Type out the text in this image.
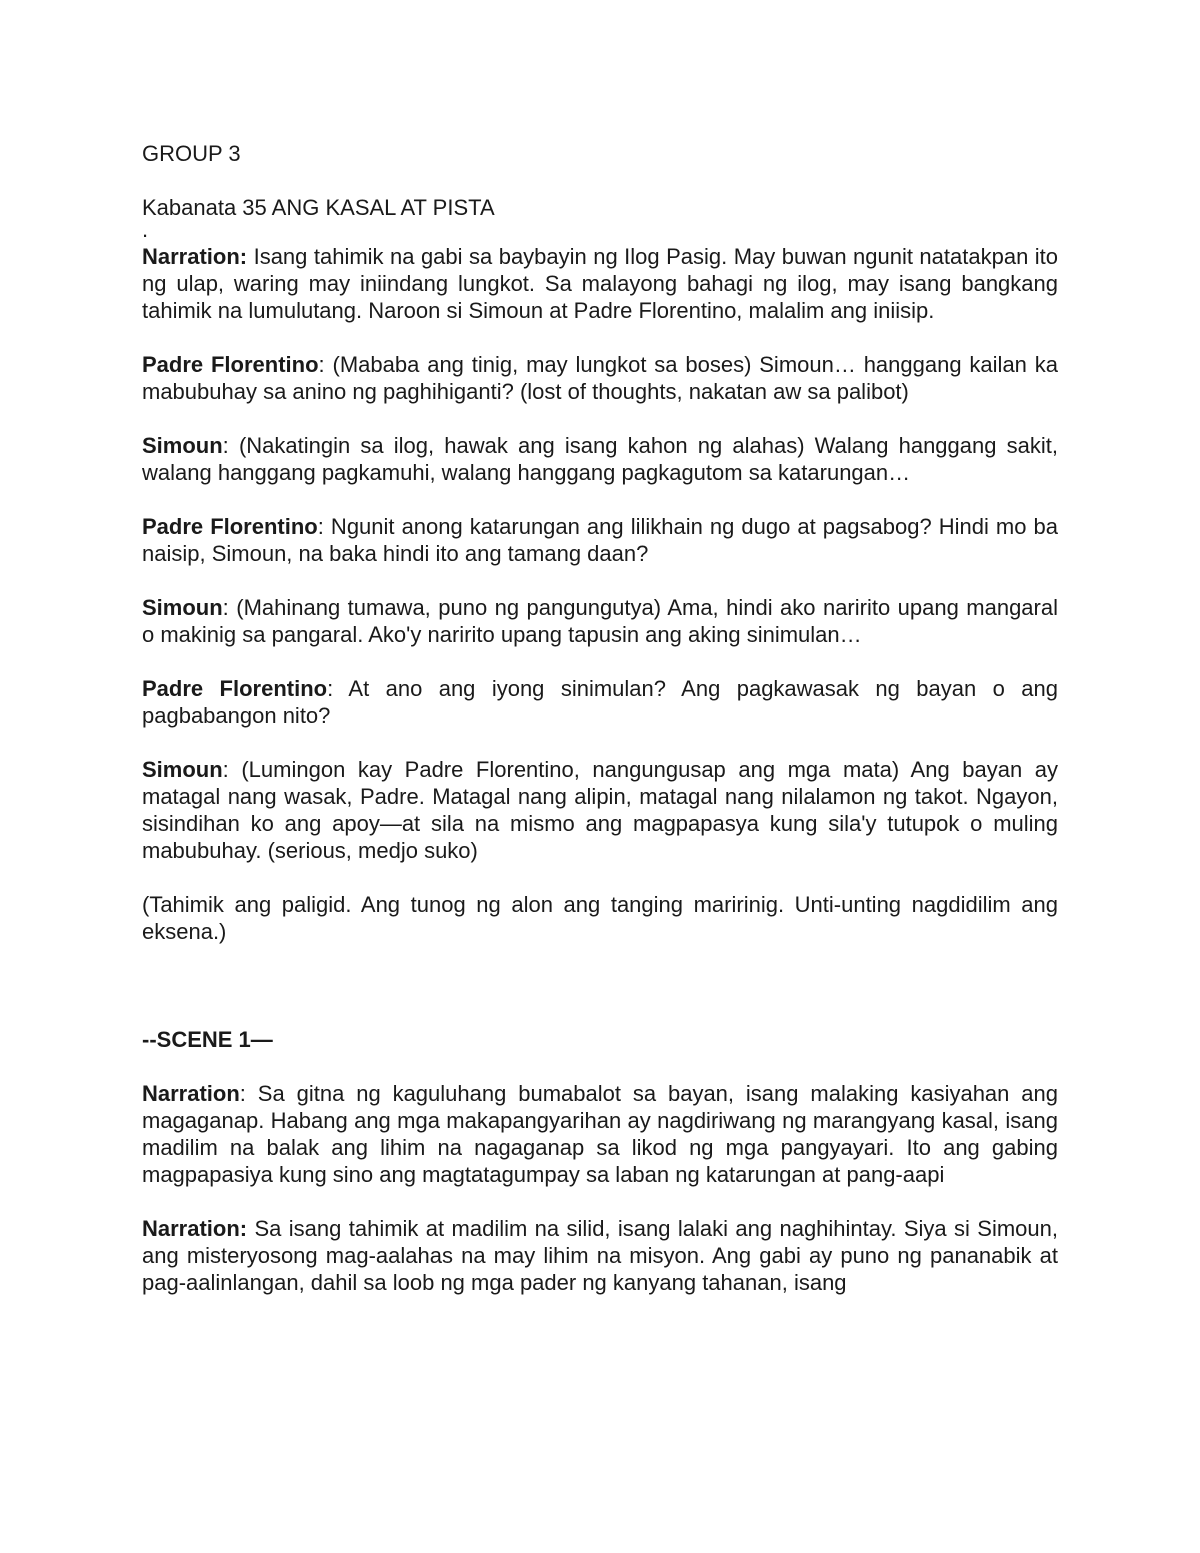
GROUP 3

Kabanata 35 ANG KASAL AT PISTA

.

Narration: Isang tahimik na gabi sa baybayin ng Ilog Pasig. May buwan ngunit natatakpan ito ng ulap, waring may iniindang lungkot. Sa malayong bahagi ng ilog, may isang bangkang tahimik na lumulutang. Naroon si Simoun at Padre Florentino, malalim ang iniisip.

Padre Florentino: (Mababa ang tinig, may lungkot sa boses) Simoun… hanggang kailan ka mabubuhay sa anino ng paghihiganti? (lost of thoughts, nakatan aw sa palibot)

Simoun: (Nakatingin sa ilog, hawak ang isang kahon ng alahas) Walang hanggang sakit, walang hanggang pagkamuhi, walang hanggang pagkagutom sa katarungan…

Padre Florentino: Ngunit anong katarungan ang lilikhain ng dugo at pagsabog? Hindi mo ba naisip, Simoun, na baka hindi ito ang tamang daan?

Simoun: (Mahinang tumawa, puno ng pangungutya) Ama, hindi ako naririto upang mangaral o makinig sa pangaral. Ako'y naririto upang tapusin ang aking sinimulan…

Padre Florentino: At ano ang iyong sinimulan? Ang pagkawasak ng bayan o ang pagbabangon nito?

Simoun: (Lumingon kay Padre Florentino, nangungusap ang mga mata) Ang bayan ay matagal nang wasak, Padre. Matagal nang alipin, matagal nang nilalamon ng takot. Ngayon, sisindihan ko ang apoy—at sila na mismo ang magpapasya kung sila'y tutupok o muling mabubuhay. (serious, medjo suko)

(Tahimik ang paligid. Ang tunog ng alon ang tanging maririnig. Unti-unting nagdidilim ang eksena.)

--SCENE 1—

Narration: Sa gitna ng kaguluhang bumabalot sa bayan, isang malaking kasiyahan ang magaganap. Habang ang mga makapangyarihan ay nagdiriwang ng marangyang kasal, isang madilim na balak ang lihim na nagaganap sa likod ng mga pangyayari. Ito ang gabing magpapasiya kung sino ang magtatagumpay sa laban ng katarungan at pang-aapi

Narration: Sa isang tahimik at madilim na silid, isang lalaki ang naghihintay. Siya si Simoun, ang misteryosong mag-aalahas na may lihim na misyon. Ang gabi ay puno ng pananabik at pag-aalinlangan, dahil sa loob ng mga pader ng kanyang tahanan, isang
